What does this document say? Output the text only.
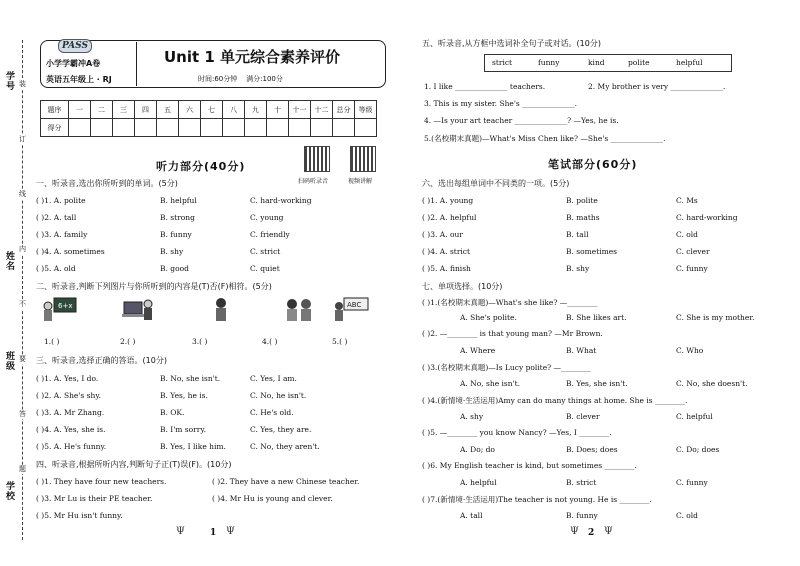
学号
姓名
班级
学校
装
订
线
内
不
要
答
题
PASS
小学学霸冲A卷
英语五年级上 · RJ
Unit 1 单元综合素养评价
时间:60分钟 满分:100分
题序	一	二	三	四	五	六	七	八	九	十	十一	十二	总分	等级
得分														
听力部分(40分)
扫码听录音	视频讲解
一、听录音,选出你所听到的单词。(5分)
( )1. A. polite	B. helpful	C. hard-working
( )2. A. tall	B. strong	C. young
( )3. A. family	B. funny	C. friendly
( )4. A. sometimes	B. shy	C. strict
( )5. A. old	B. good	C. quiet
二、听录音,判断下列图片与你所听到的内容是(T)否(F)相符。(5分)
6+x	ABC
1.( )	2.( )	3.( )	4.( )	5.( )
三、听录音,选择正确的答语。(10分)
( )1. A. Yes, I do.	B. No, she isn't.	C. Yes, I am.
( )2. A. She's shy.	B. Yes, he is.	C. No, he isn't.
( )3. A. Mr Zhang.	B. OK.	C. He's old.
( )4. A. Yes, she is.	B. I'm sorry.	C. Yes, they are.
( )5. A. He's funny.	B. Yes, I like him.	C. No, they aren't.
四、听录音,根据所听内容,判断句子正(T)误(F)。(10分)
( )1. They have four new teachers.	( )2. They have a new Chinese teacher.
( )3. Mr Lu is their PE teacher.	( )4. Mr Hu is young and clever.
( )5. Mr Hu isn't funny.
Ψ	1 Ψ
五、听录音,从方框中选词补全句子或对话。(10分)
strict	funny	kind	polite	helpful
1. I like ______________ teachers.	2. My brother is very ______________.
3. This is my sister. She's ______________.
4. —Is your art teacher ______________? —Yes, he is.
5.(名校期末真题)—What's Miss Chen like? —She's ______________.
笔试部分(60分)
六、选出每组单词中不同类的一项。(5分)
( )1. A. young	B. polite	C. Ms
( )2. A. helpful	B. maths	C. hard-working
( )3. A. our	B. tall	C. old
( )4. A. strict	B. sometimes	C. clever
( )5. A. finish	B. shy	C. funny
七、单项选择。(10分)
( )1.(名校期末真题)—What's she like? —________
A. She's polite.	B. She likes art.	C. She is my mother.
( )2. —________ is that young man? —Mr Brown.
A. Where	B. What	C. Who
( )3.(名校期末真题)—Is Lucy polite? —________
A. No, she isn't.	B. Yes, she isn't.	C. No, she doesn't.
( )4.(新情境·生活运用)Amy can do many things at home. She is ________.
A. shy	B. clever	C. helpful
( )5. —________ you know Nancy? —Yes, I ________.
A. Do; do	B. Does; does	C. Do; does
( )6. My English teacher is kind, but sometimes ________.
A. helpful	B. strict	C. funny
( )7.(新情境·生活运用)The teacher is not young. He is ________.
A. tall	B. funny	C. old
Ψ 2 Ψ
